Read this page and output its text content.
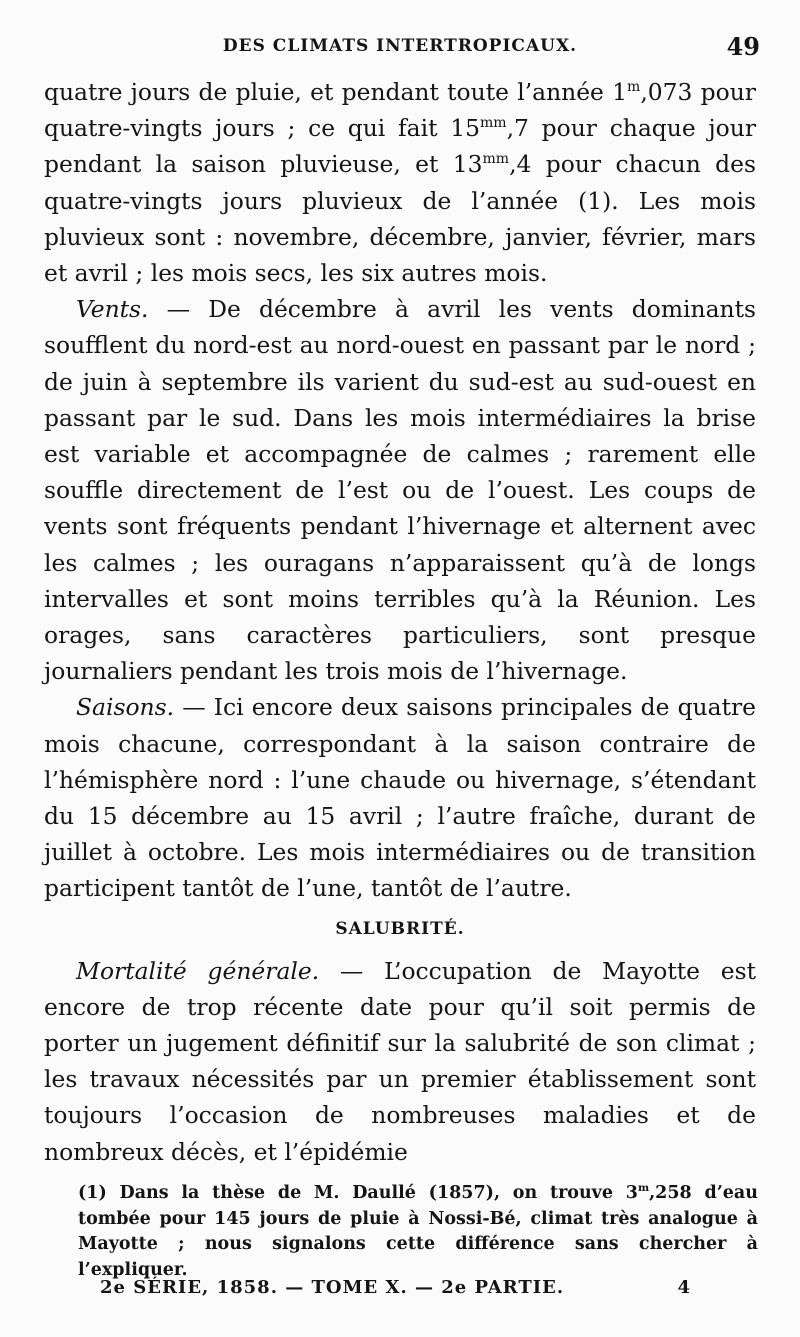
DES CLIMATS INTERTROPICAUX.	49

quatre jours de pluie, et pendant toute l’année 1$^m$,073 pour quatre-vingts jours ; ce qui fait $15^{mm},7$ pour chaque jour pendant la saison pluvieuse, et $13^{mm},4$ pour chacun des quatre-vingts jours pluvieux de l’année (1). Les mois pluvieux sont : novembre, décembre, janvier, février, mars et avril ; les mois secs, les six autres mois.

Vents. — De décembre à avril les vents dominants soufflent du nord-est au nord-ouest en passant par le nord ; de juin à septembre ils varient du sud-est au sud-ouest en passant par le sud. Dans les mois intermédiaires la brise est variable et accompagnée de calmes ; rarement elle souffle directement de l’est ou de l’ouest. Les coups de vents sont fréquents pendant l’hivernage et alternent avec les calmes ; les ouragans n’apparaissent qu’à de longs intervalles et sont moins terribles qu’à la Réunion. Les orages, sans caractères particuliers, sont presque journaliers pendant les trois mois de l’hivernage.

Saisons. — Ici encore deux saisons principales de quatre mois chacune, correspondant à la saison contraire de l’hémisphère nord : l’une chaude ou hivernage, s’étendant du 15 décembre au 15 avril ; l’autre fraîche, durant de juillet à octobre. Les mois intermédiaires ou de transition participent tantôt de l’une, tantôt de l’autre.

SALUBRITÉ.

Mortalité générale. — L’occupation de Mayotte est encore de trop récente date pour qu’il soit permis de porter un jugement définitif sur la salubrité de son climat ; les travaux nécessités par un premier établissement sont toujours l’occasion de nombreuses maladies et de nombreux décès, et l’épidémie

(1) Dans la thèse de M. Daullé (1857), on trouve 3$^m$,258 d’eau tombée pour 145 jours de pluie à Nossi-Bé, climat très analogue à Mayotte ; nous signalons cette différence sans chercher à l’expliquer.
2e SÉRIE, 1858. — TOME X. — 2e PARTIE.	4
